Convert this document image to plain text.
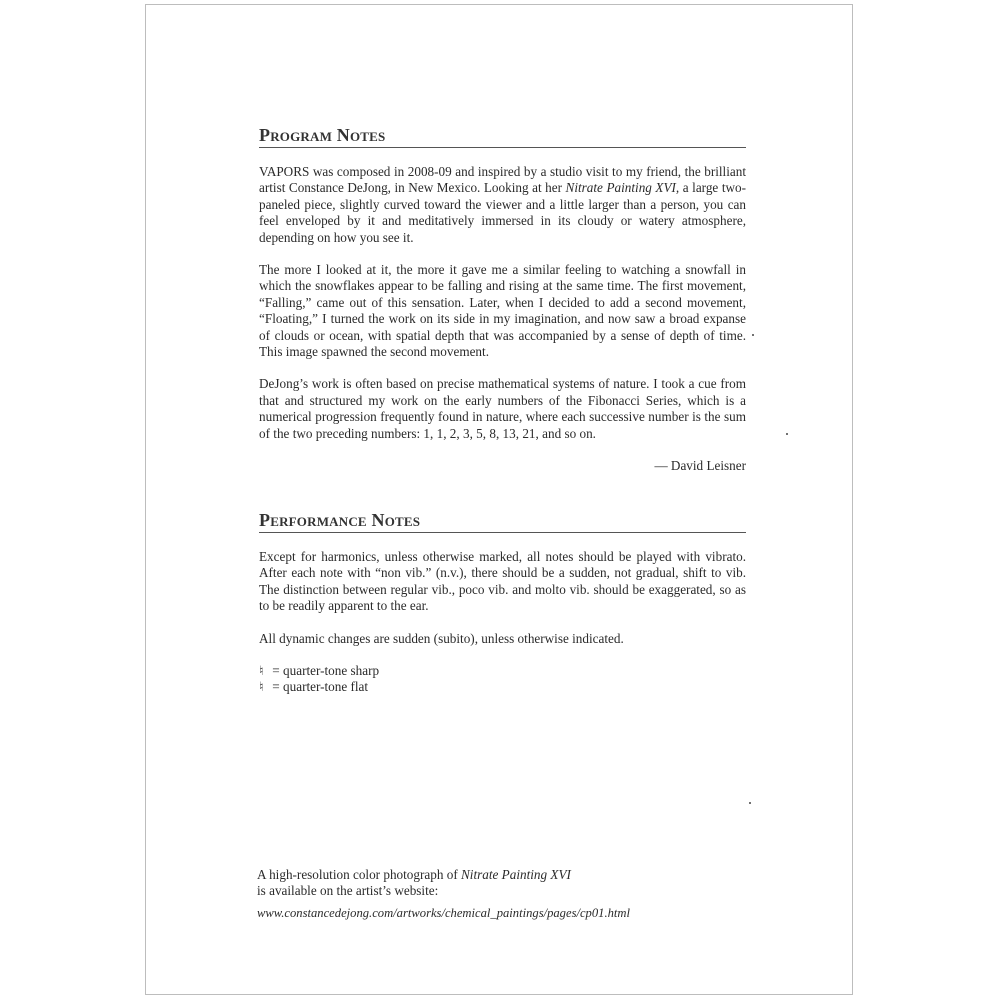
Program Notes

VAPORS was composed in 2008-09 and inspired by a studio visit to my friend, the brilliant artist Constance DeJong, in New Mexico. Looking at her Nitrate Painting XVI, a large two-paneled piece, slightly curved toward the viewer and a little larger than a person, you can feel enveloped by it and meditatively immersed in its cloudy or watery atmosphere, depending on how you see it.

The more I looked at it, the more it gave me a similar feeling to watching a snowfall in which the snowflakes appear to be falling and rising at the same time. The first movement, “Falling,” came out of this sensation. Later, when I decided to add a second movement, “Floating,” I turned the work on its side in my imagination, and now saw a broad expanse of clouds or ocean, with spatial depth that was accompanied by a sense of depth of time. This image spawned the second movement.

DeJong’s work is often based on precise mathematical systems of nature. I took a cue from that and structured my work on the early numbers of the Fibonacci Series, which is a numerical progression frequently found in nature, where each successive number is the sum of the two preceding numbers: 1, 1, 2, 3, 5, 8, 13, 21, and so on.

— David Leisner

Performance Notes

Except for harmonics, unless otherwise marked, all notes should be played with vibrato. After each note with “non vib.” (n.v.), there should be a sudden, not gradual, shift to vib. The distinction between regular vib., poco vib. and molto vib. should be exaggerated, so as to be readily apparent to the ear.

All dynamic changes are sudden (subito), unless otherwise indicated.

♮ = quarter-tone sharp
♮ = quarter-tone flat
A high-resolution color photograph of Nitrate Painting XVI
is available on the artist’s website:
www.constancedejong.com/artworks/chemical_paintings/pages/cp01.html
